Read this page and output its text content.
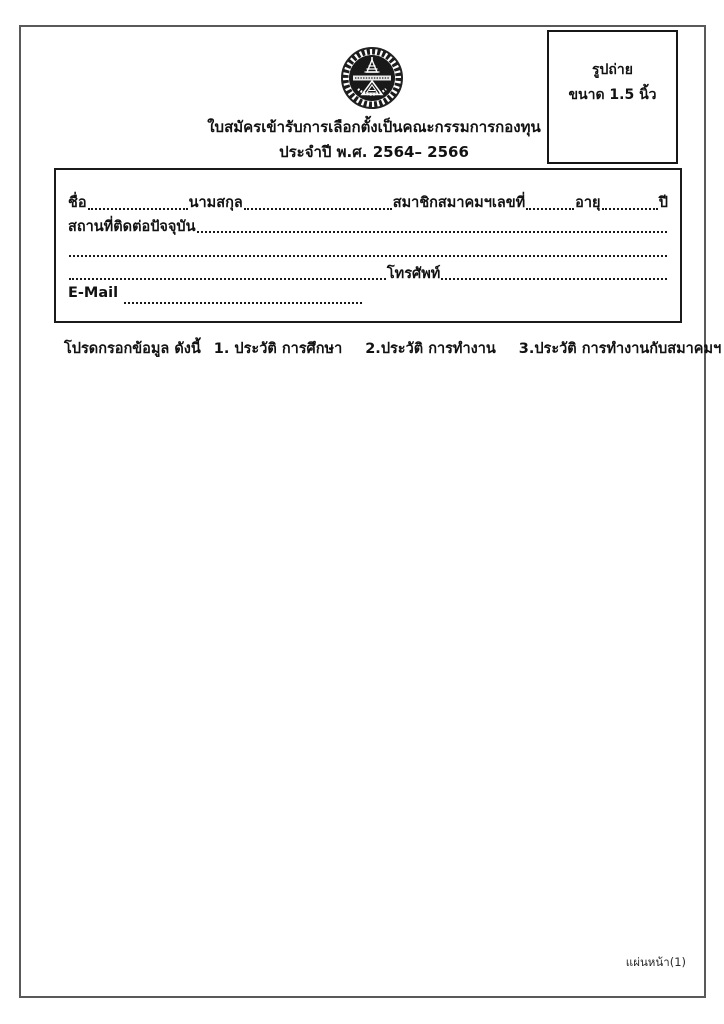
รูปถ่าย
ขนาด 1.5 นิ้ว
ใบสมัครเข้ารับการเลือกตั้งเป็นคณะกรรมการกองทุน
ประจำปี พ.ศ. 2564– 2566
ชื่อ	นามสกุล	สมาชิกสมาคมฯเลขที่	อายุ	ปี
สถานที่ติดต่อปัจจุบัน
โทรศัพท์
E-Mail
โปรดกรอกข้อมูล ดังนี้ 1. ประวัติ การศึกษา 2.ประวัติ การทำงาน 3.ประวัติ การทำงานกับสมาคมฯ
แผ่นหน้า(1)
